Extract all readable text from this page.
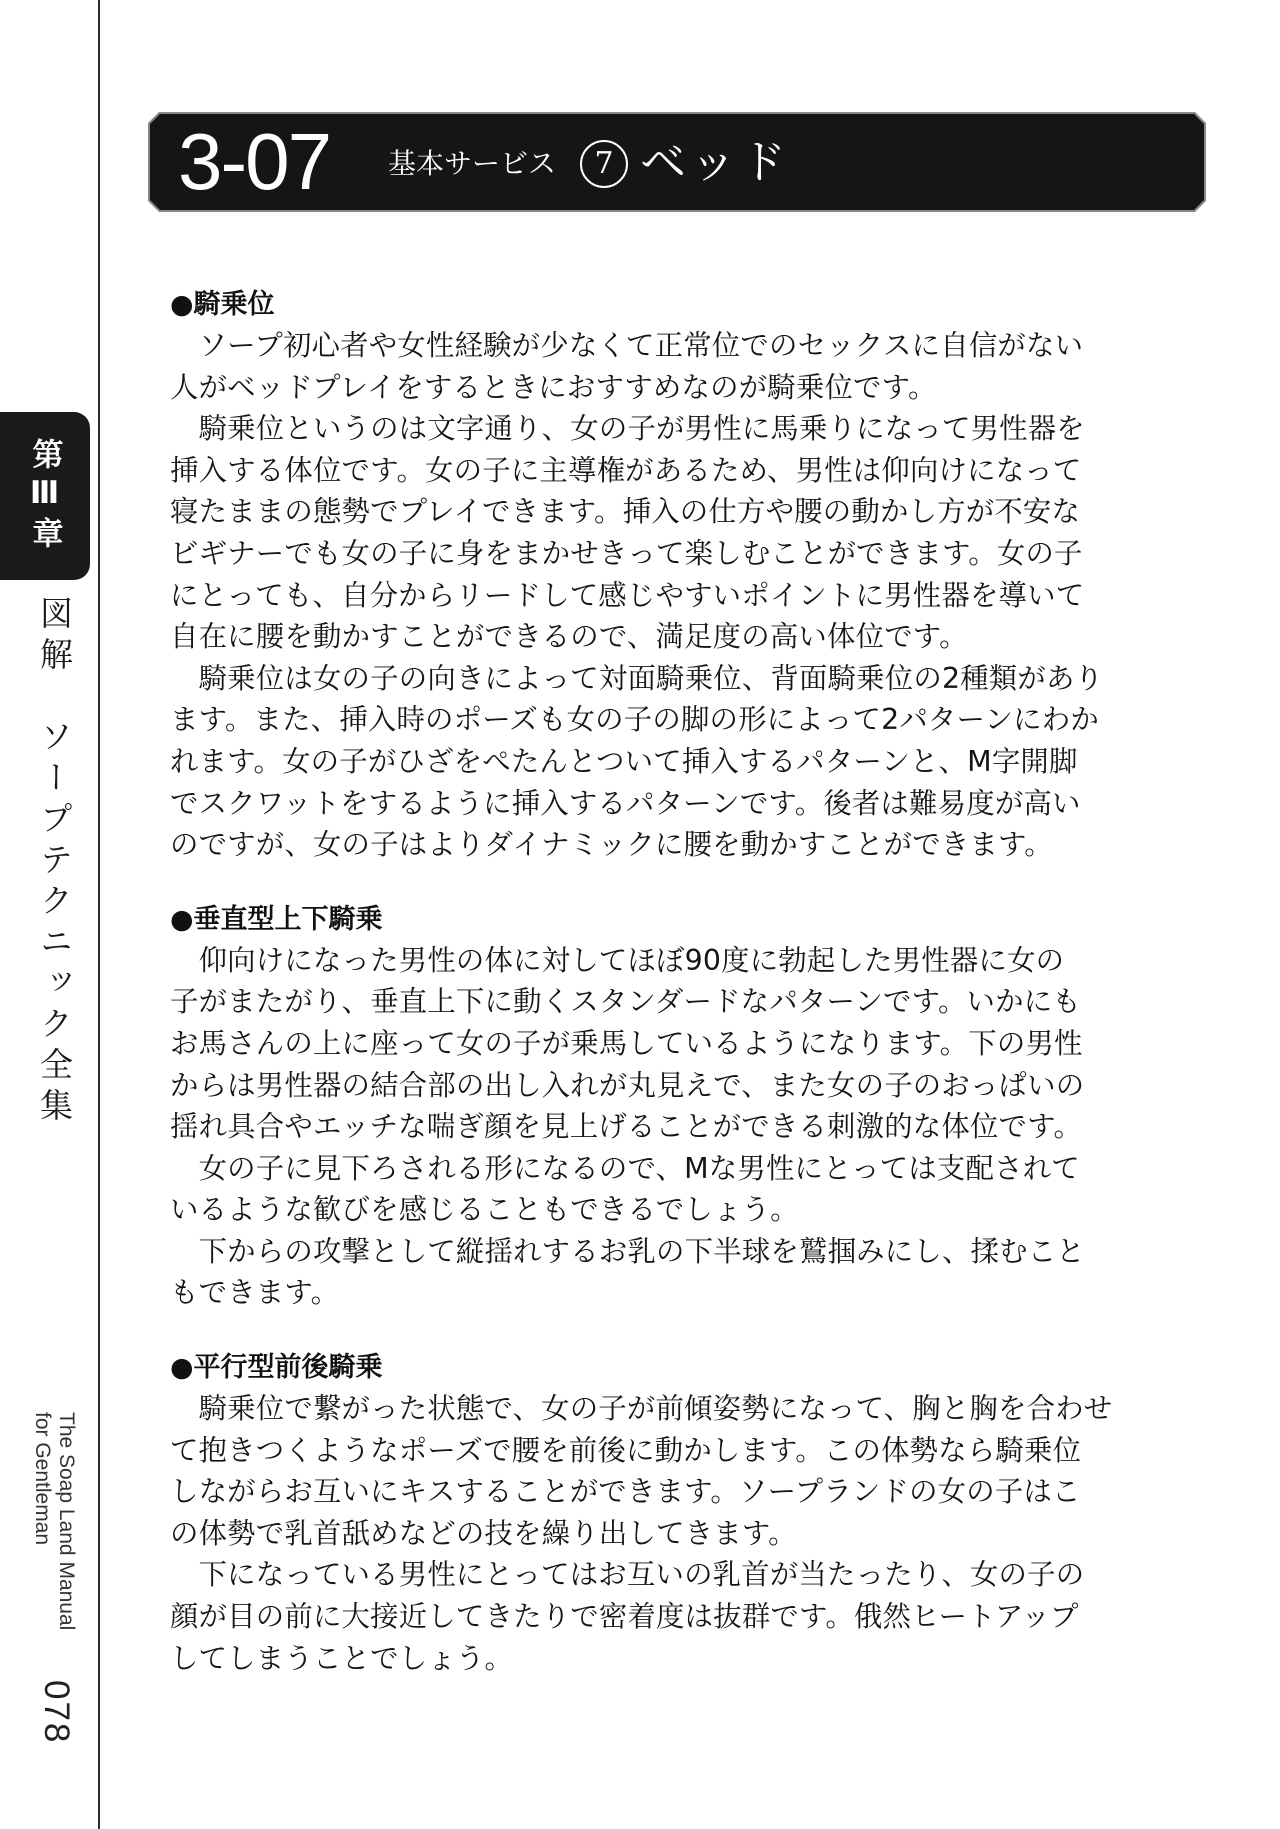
第Ⅲ章
図解　ソープテクニック全集
The Soap Land Manual
for Gentleman
078
3-07 基本サービス	7 ベッド
●騎乗位
　ソープ初心者や女性経験が少なくて正常位でのセックスに自信がない
人がベッドプレイをするときにおすすめなのが騎乗位です。
　騎乗位というのは文字通り、女の子が男性に馬乗りになって男性器を
挿入する体位です。女の子に主導権があるため、男性は仰向けになって
寝たままの態勢でプレイできます。挿入の仕方や腰の動かし方が不安な
ビギナーでも女の子に身をまかせきって楽しむことができます。女の子
にとっても、自分からリードして感じやすいポイントに男性器を導いて
自在に腰を動かすことができるので、満足度の高い体位です。
　騎乗位は女の子の向きによって対面騎乗位、背面騎乗位の2種類があり
ます。また、挿入時のポーズも女の子の脚の形によって2パターンにわか
れます。女の子がひざをぺたんとついて挿入するパターンと、M字開脚
でスクワットをするように挿入するパターンです。後者は難易度が高い
のですが、女の子はよりダイナミックに腰を動かすことができます。
●垂直型上下騎乗
　仰向けになった男性の体に対してほぼ90度に勃起した男性器に女の
子がまたがり、垂直上下に動くスタンダードなパターンです。いかにも
お馬さんの上に座って女の子が乗馬しているようになります。下の男性
からは男性器の結合部の出し入れが丸見えで、また女の子のおっぱいの
揺れ具合やエッチな喘ぎ顔を見上げることができる刺激的な体位です。
　女の子に見下ろされる形になるので、Mな男性にとっては支配されて
いるような歓びを感じることもできるでしょう。
　下からの攻撃として縦揺れするお乳の下半球を鷲掴みにし、揉むこと
もできます。
●平行型前後騎乗
　騎乗位で繋がった状態で、女の子が前傾姿勢になって、胸と胸を合わせ
て抱きつくようなポーズで腰を前後に動かします。この体勢なら騎乗位
しながらお互いにキスすることができます。ソープランドの女の子はこ
の体勢で乳首舐めなどの技を繰り出してきます。
　下になっている男性にとってはお互いの乳首が当たったり、女の子の
顔が目の前に大接近してきたりで密着度は抜群です。俄然ヒートアップ
してしまうことでしょう。
